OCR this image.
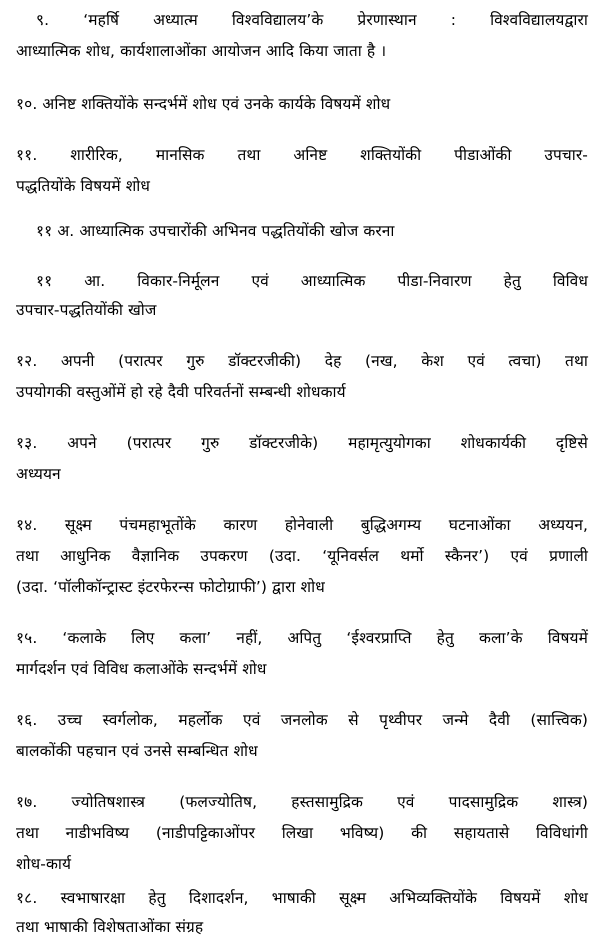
९. ‘महर्षि अध्यात्म विश्वविद्यालय’के प्रेरणास्थान : विश्वविद्यालयद्वारा
आध्यात्मिक शोध, कार्यशालाओंका आयोजन आदि किया जाता है ।
१०. अनिष्ट शक्तियोंके सन्दर्भमें शोध एवं उनके कार्यके विषयमें शोध
११. शारीरिक, मानसिक तथा अनिष्ट शक्तियोंकी पीडाओंकी उपचार-
पद्धतियोंके विषयमें शोध
११ अ. आध्यात्मिक उपचारोंकी अभिनव पद्धतियोंकी खोज करना
११ आ. विकार-निर्मूलन एवं आध्यात्मिक पीडा-निवारण हेतु विविध
उपचार-पद्धतियोंकी खोज
१२. अपनी (परात्पर गुरु डॉक्टरजीकी) देह (नख, केश एवं त्वचा) तथा
उपयोगकी वस्तुओंमें हो रहे दैवी परिवर्तनों सम्बन्धी शोधकार्य
१३. अपने (परात्पर गुरु डॉक्टरजीके) महामृत्युयोगका शोधकार्यकी दृष्टिसे
अध्ययन
१४. सूक्ष्म पंचमहाभूतोंके कारण होनेवाली बुद्धिअगम्य घटनाओंका अध्ययन,
तथा आधुनिक वैज्ञानिक उपकरण (उदा. ‘यूनिवर्सल थर्मो स्कैनर’) एवं प्रणाली
(उदा. ‘पॉलीकॉन्ट्रास्ट इंटरफेरन्स फोटोग्राफी’) द्वारा शोध
१५. ‘कलाके लिए कला’ नहीं, अपितु ‘ईश्वरप्राप्ति हेतु कला’के विषयमें
मार्गदर्शन एवं विविध कलाओंके सन्दर्भमें शोध
१६. उच्च स्वर्गलोक, महर्लोक एवं जनलोक से पृथ्वीपर जन्मे दैवी (सात्त्विक)
बालकोंकी पहचान एवं उनसे सम्बन्धित शोध
१७. ज्योतिषशास्त्र (फलज्योतिष, हस्तसामुद्रिक एवं पादसामुद्रिक शास्त्र)
तथा नाडीभविष्य (नाडीपट्टिकाओंपर लिखा भविष्य) की सहायतासे विविधांगी
शोध-कार्य
१८. स्वभाषारक्षा हेतु दिशादर्शन, भाषाकी सूक्ष्म अभिव्यक्तियोंके विषयमें शोध
तथा भाषाकी विशेषताओंका संग्रह
